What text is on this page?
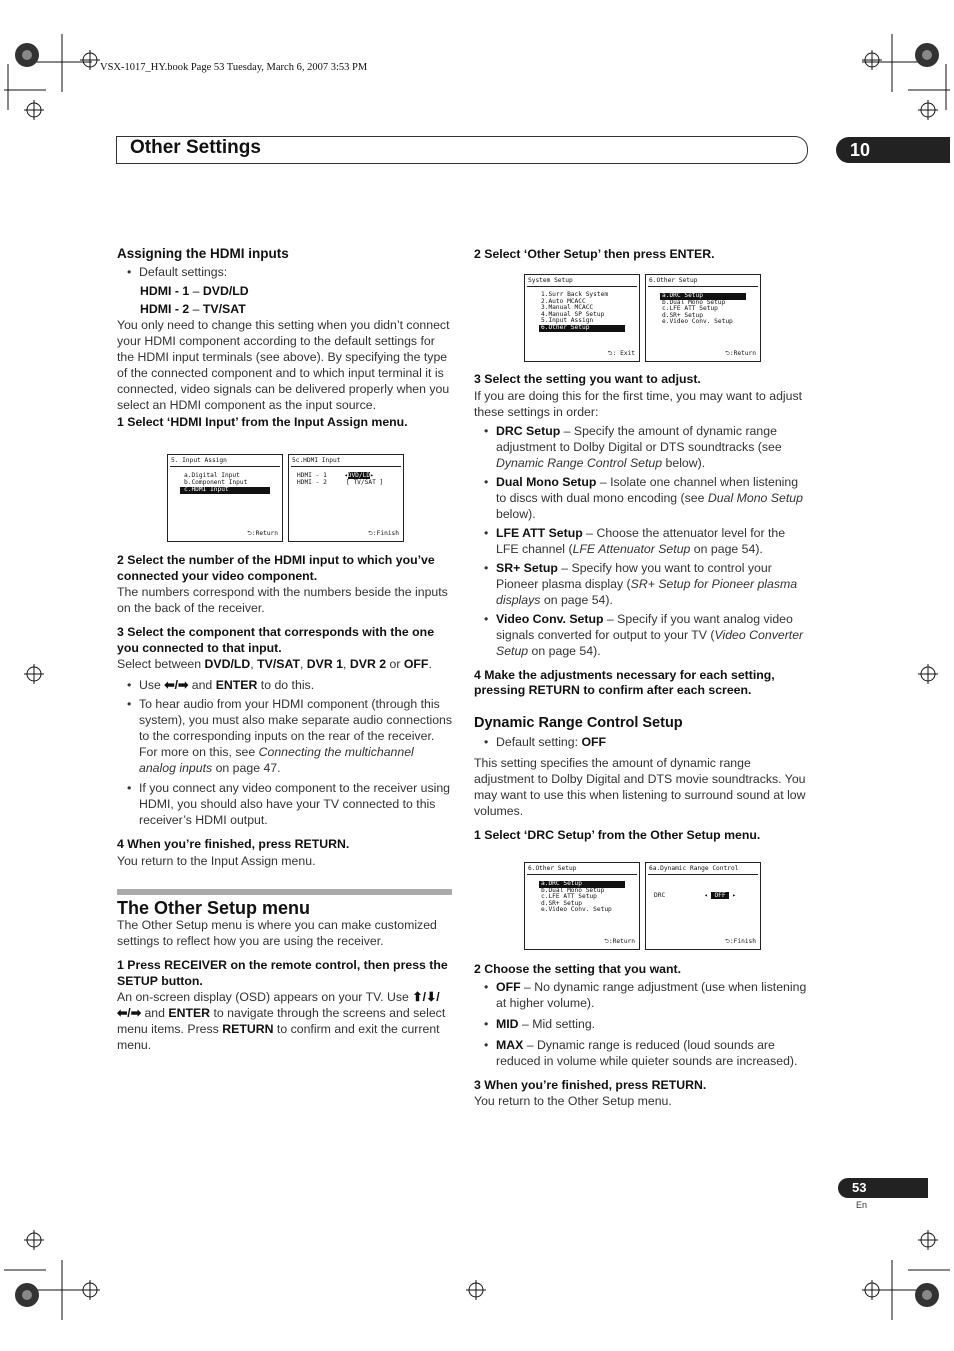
VSX-1017_HY.book Page 53 Tuesday, March 6, 2007 3:53 PM
Other Settings	10
Assigning the HDMI inputs
• Default settings:
HDMI - 1 – DVD/LD
HDMI - 2 – TV/SAT

You only need to change this setting when you didn’t connect your HDMI component according to the default settings for the HDMI input terminals (see above). By specifying the type of the connected component and to which input terminal it is connected, video signals can be delivered properly when you select an HDMI component as the input source.

1 Select ‘HDMI Input’ from the Input Assign menu.
5. Input Assign
a.Digital Input
b.Component Input
c.HDMI Input
⮌:Return
5c.HDMI Input
HDMI - 1	◂DVD/LD▸
HDMI - 2	[ TV/SAT ]
⮌:Finish
2 Select the number of the HDMI input to which you’ve connected your video component.

The numbers correspond with the numbers beside the inputs on the back of the receiver.

3 Select the component that corresponds with the one you connected to that input.

Select between DVD/LD, TV/SAT, DVR 1, DVR 2 or OFF.

• Use ⬅/➡ and ENTER to do this.
• To hear audio from your HDMI component (through this system), you must also make separate audio connections to the corresponding inputs on the rear of the receiver. For more on this, see Connecting the multichannel analog inputs on page 47.
• If you connect any video component to the receiver using HDMI, you should also have your TV connected to this receiver’s HDMI output.
4 When you’re finished, press RETURN.

You return to the Input Assign menu.

The Other Setup menu

The Other Setup menu is where you can make customized settings to reflect how you are using the receiver.

1 Press RECEIVER on the remote control, then press the SETUP button.

An on-screen display (OSD) appears on your TV. Use ⬆/⬇/⬅/➡ and ENTER to navigate through the screens and select menu items. Press RETURN to confirm and exit the current menu.

2 Select ‘Other Setup’ then press ENTER.
System Setup
1.Surr Back System
2.Auto MCACC
3.Manual MCACC
4.Manual SP Setup
5.Input Assign
6.Other Setup
⮌: Exit
6.Other Setup
a.DRC Setup
b.Dual Mono Setup
c.LFE ATT Setup
d.SR+ Setup
e.Video Conv. Setup
⮌:Return
3 Select the setting you want to adjust.

If you are doing this for the first time, you may want to adjust these settings in order:

• DRC Setup – Specify the amount of dynamic range adjustment to Dolby Digital or DTS soundtracks (see Dynamic Range Control Setup below).
• Dual Mono Setup – Isolate one channel when listening to discs with dual mono encoding (see Dual Mono Setup below).
• LFE ATT Setup – Choose the attenuator level for the LFE channel (LFE Attenuator Setup on page 54).
• SR+ Setup – Specify how you want to control your Pioneer plasma display (SR+ Setup for Pioneer plasma displays on page 54).
• Video Conv. Setup – Specify if you want analog video signals converted for output to your TV (Video Converter Setup on page 54).
4 Make the adjustments necessary for each setting, pressing RETURN to confirm after each screen.
Dynamic Range Control Setup
• Default setting: OFF

This setting specifies the amount of dynamic range adjustment to Dolby Digital and DTS movie soundtracks. You may want to use this when listening to surround sound at low volumes.

1 Select ‘DRC Setup’ from the Other Setup menu.
6.Other Setup
a.DRC Setup
b.Dual Mono Setup
c.LFE ATT Setup
d.SR+ Setup
e.Video Conv. Setup
⮌:Return
6a.Dynamic Range Control
DRC	◂ OFF ▸
⮌:Finish
2 Choose the setting that you want.
• OFF – No dynamic range adjustment (use when listening at higher volume).
• MID – Mid setting.
• MAX – Dynamic range is reduced (loud sounds are reduced in volume while quieter sounds are increased).
3 When you’re finished, press RETURN.

You return to the Other Setup menu.

53
En
